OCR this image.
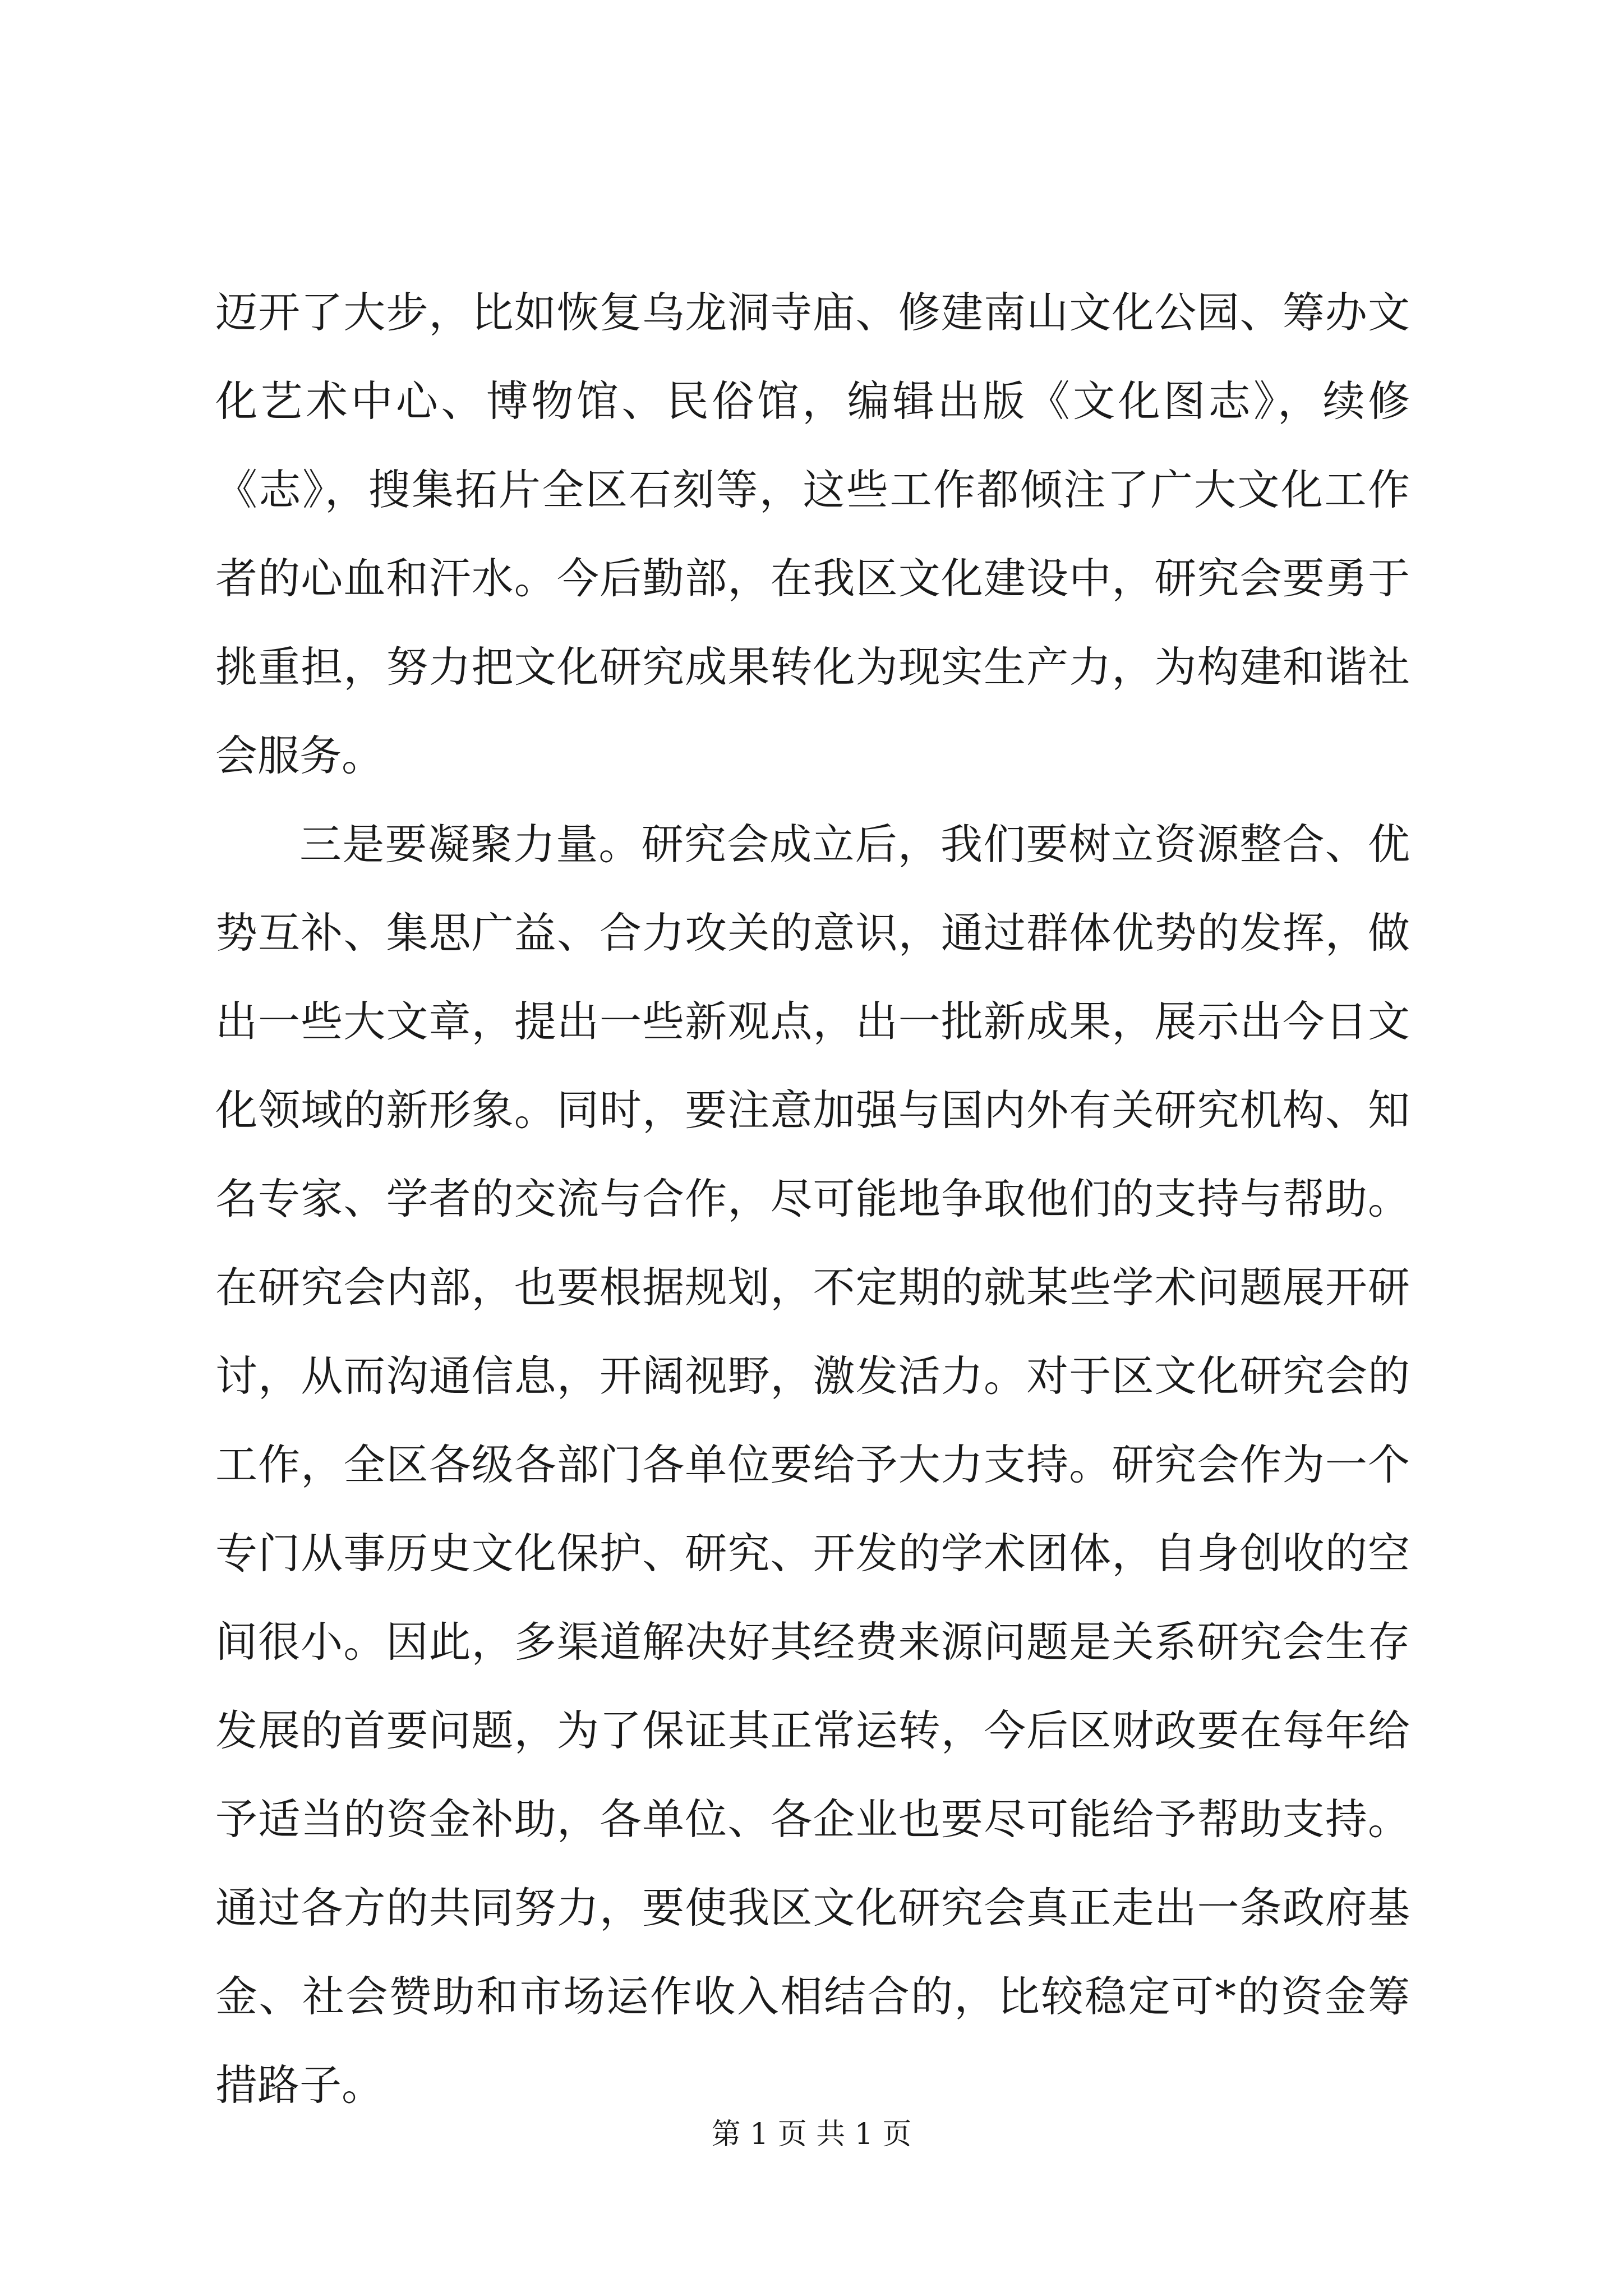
迈开了大步，比如恢复乌龙洞寺庙、修建南山文化公园、筹办文
化艺术中心、博物馆、民俗馆，编辑出版《文化图志》，续修
《志》，搜集拓片全区石刻等，这些工作都倾注了广大文化工作
者的心血和汗水。今后勤部，在我区文化建设中，研究会要勇于
挑重担，努力把文化研究成果转化为现实生产力，为构建和谐社
会服务。
三是要凝聚力量。研究会成立后，我们要树立资源整合、优
势互补、集思广益、合力攻关的意识，通过群体优势的发挥，做
出一些大文章，提出一些新观点，出一批新成果，展示出今日文
化领域的新形象。同时，要注意加强与国内外有关研究机构、知
名专家、学者的交流与合作，尽可能地争取他们的支持与帮助。
在研究会内部，也要根据规划，不定期的就某些学术问题展开研
讨，从而沟通信息，开阔视野，激发活力。对于区文化研究会的
工作，全区各级各部门各单位要给予大力支持。研究会作为一个
专门从事历史文化保护、研究、开发的学术团体，自身创收的空
间很小。因此，多渠道解决好其经费来源问题是关系研究会生存
发展的首要问题，为了保证其正常运转，今后区财政要在每年给
予适当的资金补助，各单位、各企业也要尽可能给予帮助支持。
通过各方的共同努力，要使我区文化研究会真正走出一条政府基
金、社会赞助和市场运作收入相结合的，比较稳定可*的资金筹
措路子。
第 1 页 共 1 页
